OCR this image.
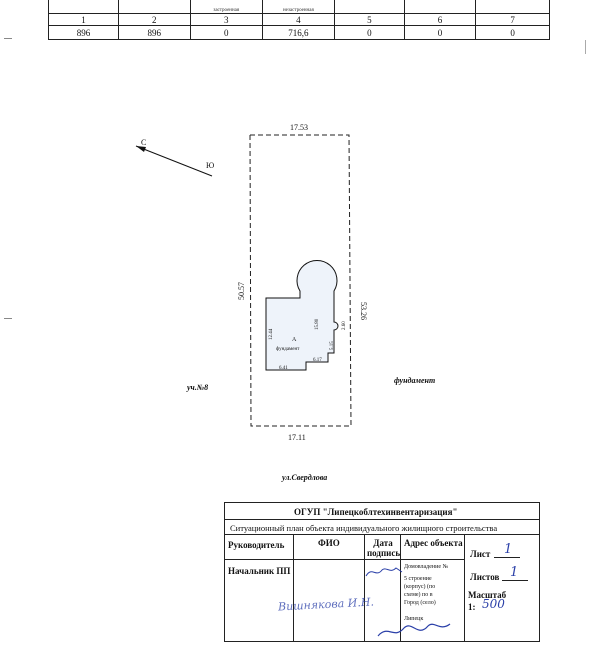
		застроенная	незастроенная			
1	2	3	4	5	6	7
896	896	0	716,6	0	0	0
С
Ю
17.53
17.11
50.57
53.26
А
фундамент
12.44
15.80	2.60
5.15
6.17
6.41
уч.№8
фундамент
ул.Свердлова
ОГУП "Липецкоблтехинвентаризация"
Ситуационный план объекта индивидуального жилищного строительства
Руководитель	ФИО	Дата подпись
Адрес объекта
Начальник ПП	Домовладение №
5 строение
(корпус) (по
схеме) по в
Город (село)
Липецк
Лист 1
Листов 1
Масштаб
1: 500
Вишнякова И.Н.
